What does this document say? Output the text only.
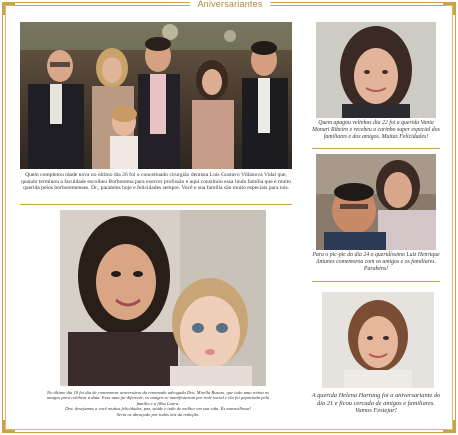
Aniversariantes
Quem completou idade nova no último dia 26 foi o conceituado cirurgião dentista Luis Gustavo Villanova Vidal que, quando terminou a faculdade escolheu Borborema para exercer profissão e aqui constituiu essa linda família que é muito querida pelos borboremenses. Dr., parabéns hoje e felicidades sempre. Você e sua família são muito especiais para nós.
Quem apagou velinhas dia 22 foi a querida Vania Monari Ribeiro e recebeu o carinho super especial dos familiares e dos amigos. Muitas Felicidades!
Para o pic-pic do dia 24 o queridíssimo Luiz Henrique Antunes comemorou com os amigos e os familiares. Parabéns!
No último dia 18 foi dia de comemorar aniversário da renomada advogada Dra. Mirella Busato, que tudo uma rotina os
amigos para celebrar a data. Essa uma foi diferente, os amigos se manifestaram por rede social e ela foi papariada pela
família e a filha Laura.
Dra. desejamos a você muitas felicidades, paz, saúde e tudo de melhor em sua vida. És maravilhosa!
Seria os abraçado por todos nós da redação.
A querida Helena Hartung foi a aniversariante do dia 21 e ficou cercada de amigos e familiares. Vamos Festejar!
